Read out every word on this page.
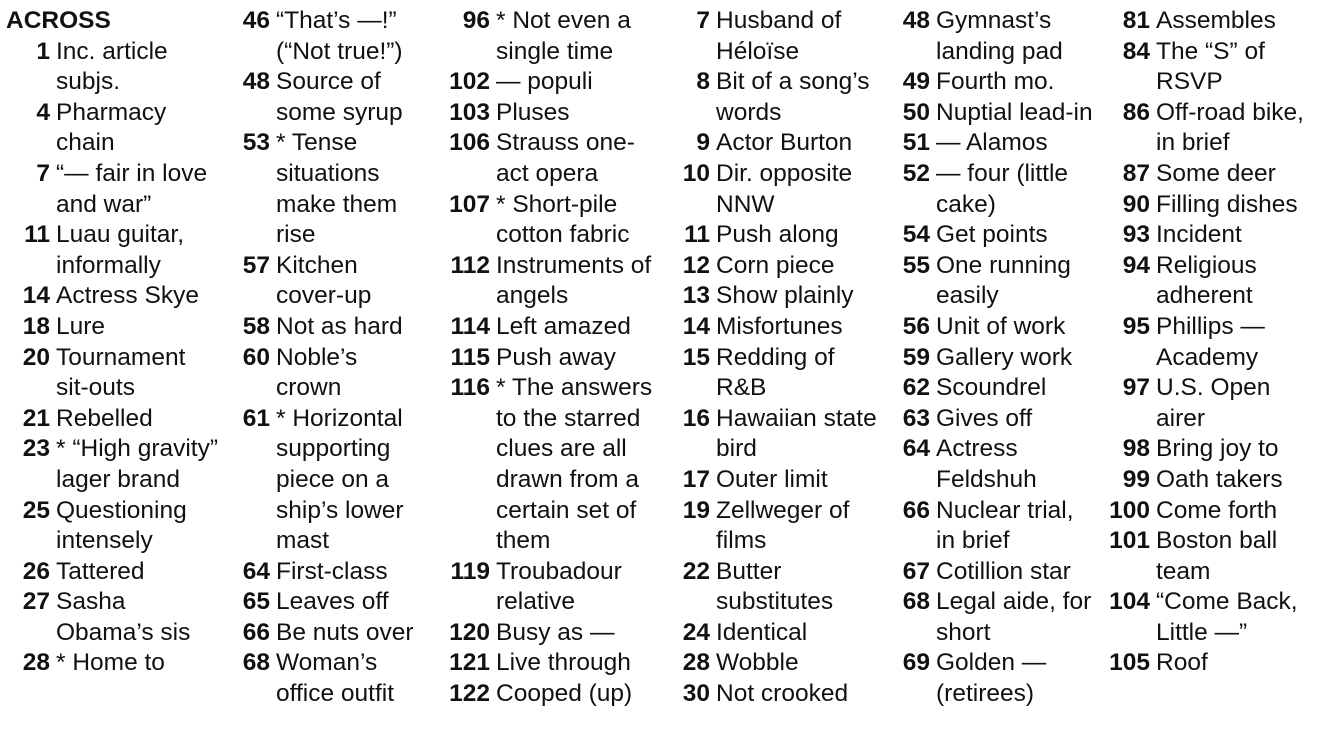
ACROSS
1 Inc. article subjs.
4 Pharmacy chain
7 “— fair in love and war”
11 Luau guitar, informally
14 Actress Skye
18 Lure
20 Tournament sit-outs
21 Rebelled
23 * “High gravity” lager brand
25 Questioning intensely
26 Tattered
27 Sasha Obama’s sis
28 * Home to
46 “That’s —!” (“Not true!”)
48 Source of some syrup
53 * Tense situations make them rise
57 Kitchen cover-up
58 Not as hard
60 Noble’s crown
61 * Horizontal supporting piece on a ship’s lower mast
64 First-class
65 Leaves off
66 Be nuts over
68 Woman’s office outfit
96 * Not even a single time
102 — populi
103 Pluses
106 Strauss one-act opera
107 * Short-pile cotton fabric
112 Instruments of angels
114 Left amazed
115 Push away
116 * The answers to the starred clues are all drawn from a certain set of them
119 Troubadour relative
120 Busy as —
121 Live through
122 Cooped (up)
7 Husband of Héloïse
8 Bit of a song’s words
9 Actor Burton
10 Dir. opposite NNW
11 Push along
12 Corn piece
13 Show plainly
14 Misfortunes
15 Redding of R&B
16 Hawaiian state bird
17 Outer limit
19 Zellweger of films
22 Butter substitutes
24 Identical
28 Wobble
30 Not crooked
48 Gymnast’s landing pad
49 Fourth mo.
50 Nuptial lead-in
51 — Alamos
52 — four (little cake)
54 Get points
55 One running easily
56 Unit of work
59 Gallery work
62 Scoundrel
63 Gives off
64 Actress Feldshuh
66 Nuclear trial, in brief
67 Cotillion star
68 Legal aide, for short
69 Golden — (retirees)
81 Assembles
84 The “S” of RSVP
86 Off-road bike, in brief
87 Some deer
90 Filling dishes
93 Incident
94 Religious adherent
95 Phillips — Academy
97 U.S. Open airer
98 Bring joy to
99 Oath takers
100 Come forth
101 Boston ball team
104 “Come Back, Little —”
105 Roof
